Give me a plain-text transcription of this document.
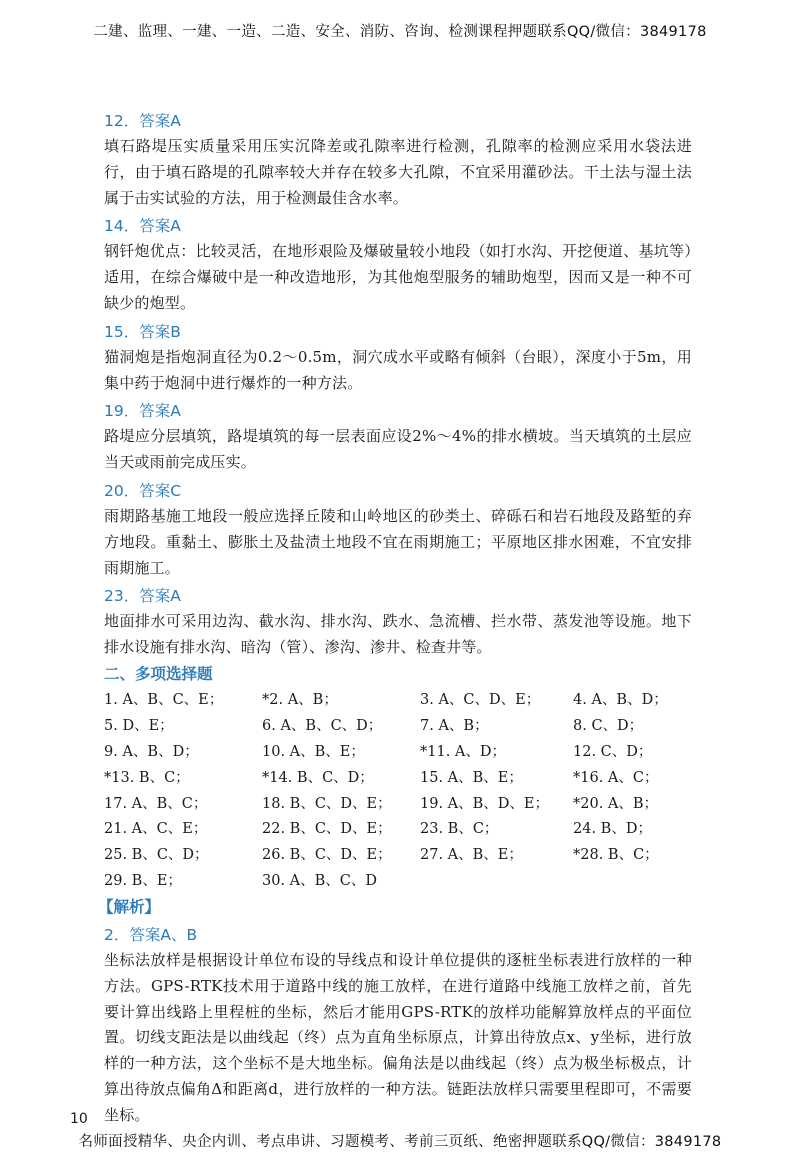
二建、监理、一建、一造、二造、安全、消防、咨询、检测课程押题联系QQ/微信：3849178
12．答案A
填石路堤压实质量采用压实沉降差或孔隙率进行检测，孔隙率的检测应采用水袋法进行，由于填石路堤的孔隙率较大并存在较多大孔隙，不宜采用灌砂法。干土法与湿土法属于击实试验的方法，用于检测最佳含水率。
14．答案A
钢钎炮优点：比较灵活，在地形艰险及爆破量较小地段（如打水沟、开挖便道、基坑等）适用，在综合爆破中是一种改造地形，为其他炮型服务的辅助炮型，因而又是一种不可缺少的炮型。
15．答案B
猫洞炮是指炮洞直径为0.2～0.5m，洞穴成水平或略有倾斜（台眼），深度小于5m，用集中药于炮洞中进行爆炸的一种方法。
19．答案A
路堤应分层填筑，路堤填筑的每一层表面应设2%～4%的排水横坡。当天填筑的土层应当天或雨前完成压实。
20．答案C
雨期路基施工地段一般应选择丘陵和山岭地区的砂类土、碎砾石和岩石地段及路堑的弃方地段。重黏土、膨胀土及盐渍土地段不宜在雨期施工；平原地区排水困难，不宜安排雨期施工。
23．答案A
地面排水可采用边沟、截水沟、排水沟、跌水、急流槽、拦水带、蒸发池等设施。地下排水设施有排水沟、暗沟（管）、渗沟、渗井、检查井等。
二、多项选择题
1. A、B、C、E；	*2. A、B；	3. A、C、D、E；	4. A、B、D；
5. D、E；	6. A、B、C、D；	7. A、B；	8. C、D；
9. A、B、D；	10. A、B、E；	*11. A、D；	12. C、D；
*13. B、C；	*14. B、C、D；	15. A、B、E；	*16. A、C；
17. A、B、C；	18. B、C、D、E；	19. A、B、D、E；	*20. A、B；
21. A、C、E；	22. B、C、D、E；	23. B、C；	24. B、D；
25. B、C、D；	26. B、C、D、E；	27. A、B、E；	*28. B、C；
29. B、E；	30. A、B、C、D
【解析】
2．答案A、B
坐标法放样是根据设计单位布设的导线点和设计单位提供的逐桩坐标表进行放样的一种方法。GPS-RTK技术用于道路中线的施工放样，在进行道路中线施工放样之前，首先要计算出线路上里程桩的坐标，然后才能用GPS-RTK的放样功能解算放样点的平面位置。切线支距法是以曲线起（终）点为直角坐标原点，计算出待放点x、y坐标，进行放样的一种方法，这个坐标不是大地坐标。偏角法是以曲线起（终）点为极坐标极点，计算出待放点偏角Δ和距离d，进行放样的一种方法。链距法放样只需要里程即可，不需要坐标。
10
名师面授精华、央企内训、考点串讲、习题模考、考前三页纸、绝密押题联系QQ/微信：3849178
